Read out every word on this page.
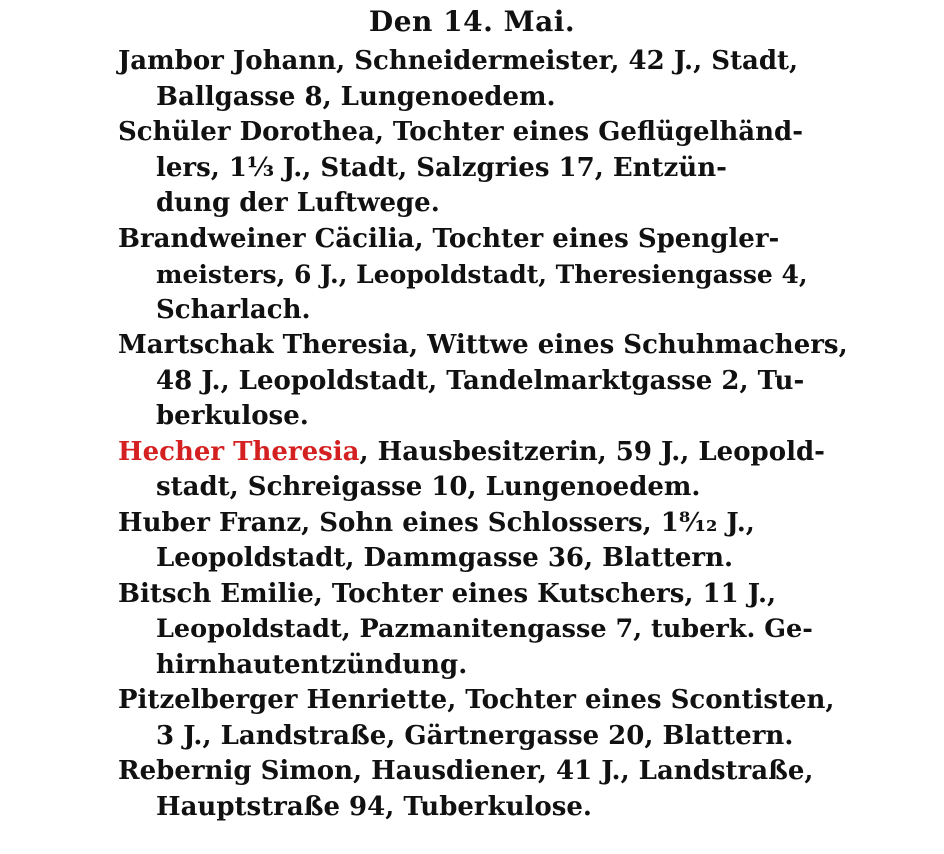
Den 14. Mai.
Jambor Johann, Schneidermeister, 42 J., Stadt,
Ballgasse 8, Lungenoedem.
Schüler Dorothea, Tochter eines Geflügelhänd-
lers, 1⅓ J., Stadt, Salzgries 17, Entzün-
dung der Luftwege.
Brandweiner Cäcilia, Tochter eines Spengler-
meisters, 6 J., Leopoldstadt, Theresiengasse 4,
Scharlach.
Martschak Theresia, Wittwe eines Schuhmachers,
48 J., Leopoldstadt, Tandelmarktgasse 2, Tu-
berkulose.
Hecher Theresia, Hausbesitzerin, 59 J., Leopold-
stadt, Schreigasse 10, Lungenoedem.
Huber Franz, Sohn eines Schlossers, 1⁸⁄₁₂ J.,
Leopoldstadt, Dammgasse 36, Blattern.
Bitsch Emilie, Tochter eines Kutschers, 11 J.,
Leopoldstadt, Pazmanitengasse 7, tuberk. Ge-
hirnhautentzündung.
Pitzelberger Henriette, Tochter eines Scontisten,
3 J., Landstraße, Gärtnergasse 20, Blattern.
Rebernig Simon, Hausdiener, 41 J., Landstraße,
Hauptstraße 94, Tuberkulose.
